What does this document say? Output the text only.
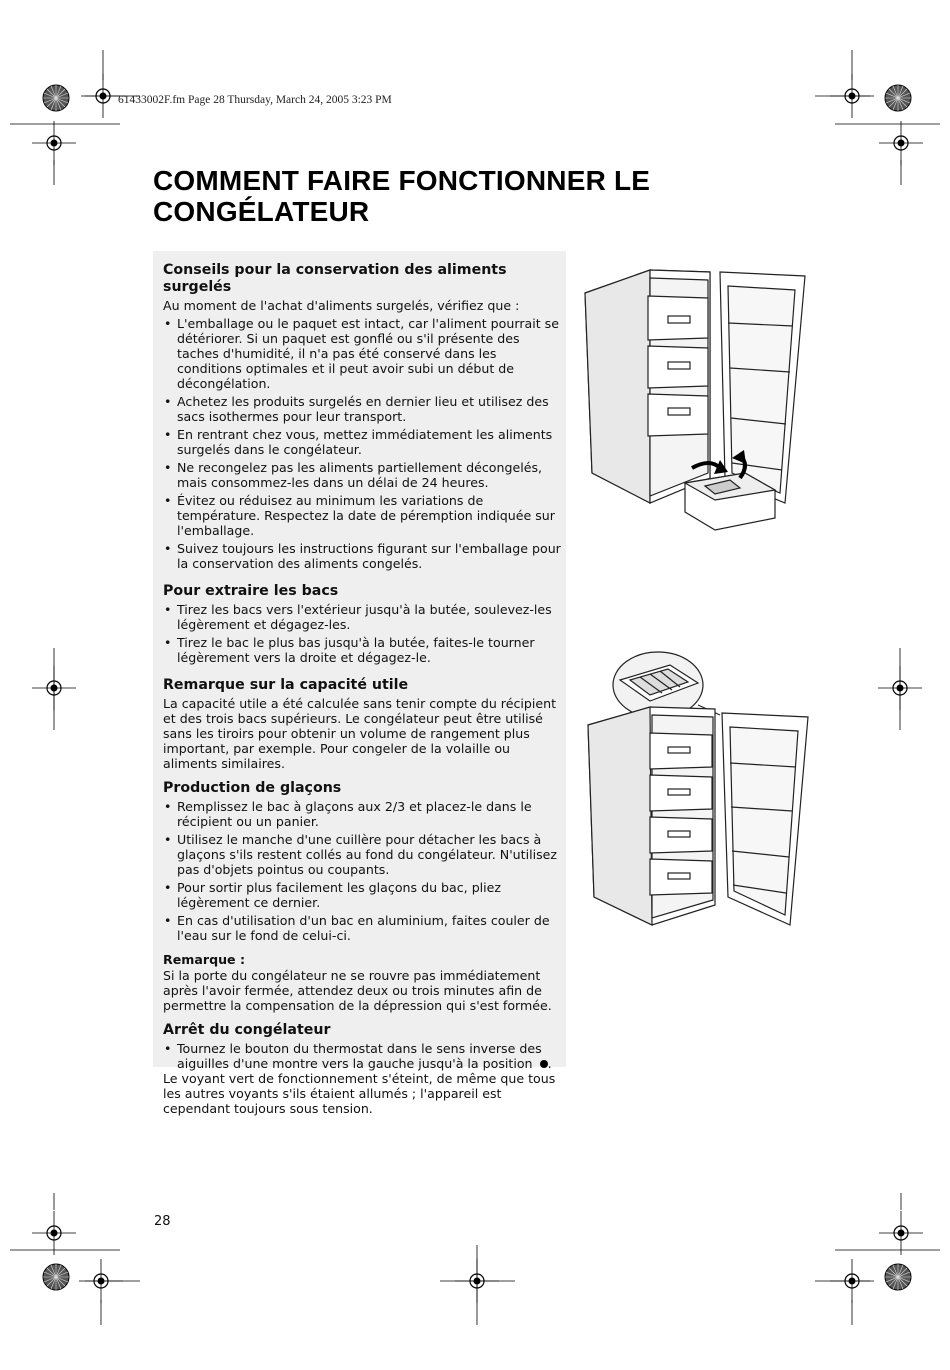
61433002F.fm Page 28 Thursday, March 24, 2005 3:23 PM
COMMENT FAIRE FONCTIONNER LE
CONGÉLATEUR
Conseils pour la conservation des aliments surgelés

Au moment de l'achat d'aliments surgelés, vérifiez que :

• L'emballage ou le paquet est intact, car l'aliment pourrait se détériorer. Si un paquet est gonflé ou s'il présente des taches d'humidité, il n'a pas été conservé dans les conditions optimales et il peut avoir subi un début de décongélation.
• Achetez les produits surgelés en dernier lieu et utilisez des sacs isothermes pour leur transport.
• En rentrant chez vous, mettez immédiatement les aliments surgelés dans le congélateur.
• Ne recongelez pas les aliments partiellement décongelés, mais consommez-les dans un délai de 24 heures.
• Évitez ou réduisez au minimum les variations de température. Respectez la date de péremption indiquée sur l'emballage.
• Suivez toujours les instructions figurant sur l'emballage pour la conservation des aliments congelés.
Pour extraire les bacs
• Tirez les bacs vers l'extérieur jusqu'à la butée, soulevez-les légèrement et dégagez-les.
• Tirez le bac le plus bas jusqu'à la butée, faites-le tourner légèrement vers la droite et dégagez-le.
Remarque sur la capacité utile

La capacité utile a été calculée sans tenir compte du récipient et des trois bacs supérieurs. Le congélateur peut être utilisé sans les tiroirs pour obtenir un volume de rangement plus important, par exemple. Pour congeler de la volaille ou aliments similaires.

Production de glaçons
• Remplissez le bac à glaçons aux 2/3 et placez-le dans le récipient ou un panier.
• Utilisez le manche d'une cuillère pour détacher les bacs à glaçons s'ils restent collés au fond du congélateur. N'utilisez pas d'objets pointus ou coupants.
• Pour sortir plus facilement les glaçons du bac, pliez légèrement ce dernier.
• En cas d'utilisation d'un bac en aluminium, faites couler de l'eau sur le fond de celui-ci.
Remarque :

Si la porte du congélateur ne se rouvre pas immédiatement après l'avoir fermée, attendez deux ou trois minutes afin de permettre la compensation de la dépression qui s'est formée.

Arrêt du congélateur
• Tournez le bouton du thermostat dans le sens inverse des aiguilles d'une montre vers la gauche jusqu'à la position .

Le voyant vert de fonctionnement s'éteint, de même que tous les autres voyants s'ils étaient allumés ; l'appareil est cependant toujours sous tension.

28
